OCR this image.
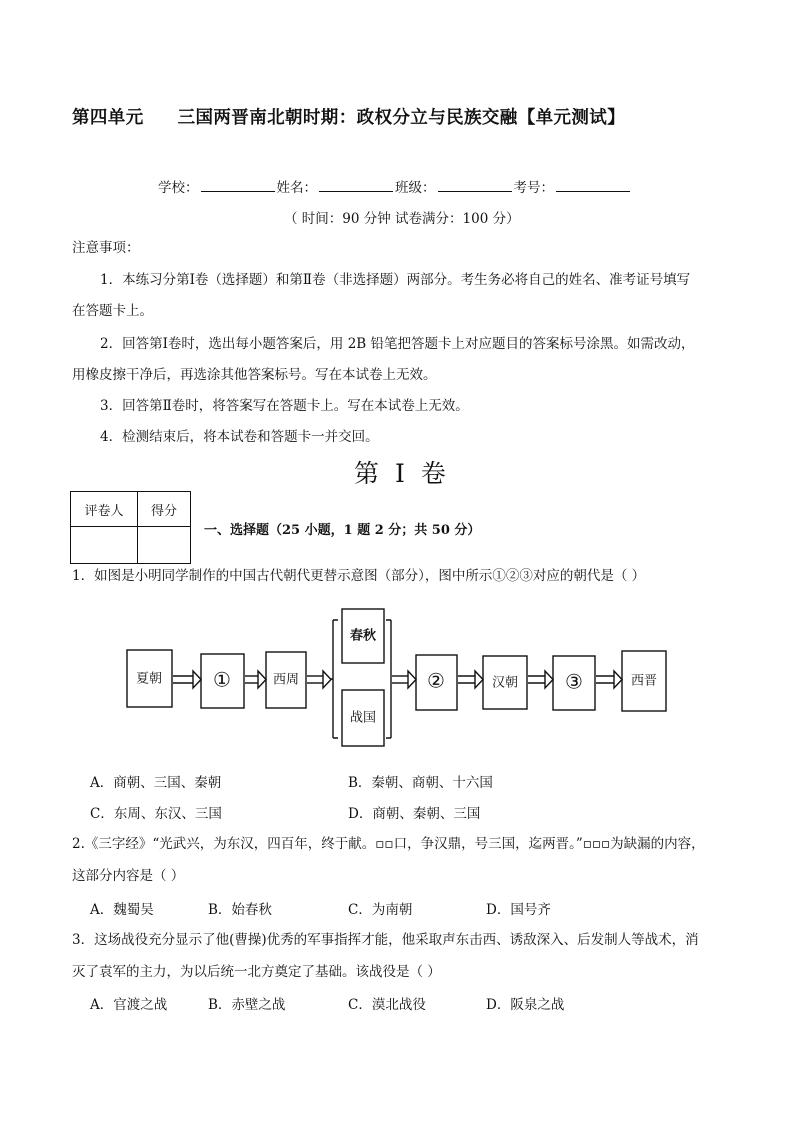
第四单元 三国两晋南北朝时期：政权分立与民族交融【单元测试】
学校：	姓名：	班级：	考号：
（ 时间：90 分钟 试卷满分：100 分）
注意事项：
1．本练习分第Ⅰ卷（选择题）和第Ⅱ卷（非选择题）两部分。考生务必将自己的姓名、准考证号填写
在答题卡上。
2．回答第Ⅰ卷时，选出每小题答案后，用 2B 铅笔把答题卡上对应题目的答案标号涂黑。如需改动，
用橡皮擦干净后，再选涂其他答案标号。写在本试卷上无效。
3．回答第Ⅱ卷时，将答案写在答题卡上。写在本试卷上无效。
4．检测结束后，将本试卷和答题卡一并交回。
第 I 卷
评卷人	得分

一、选择题（25 小题，1 题 2 分；共 50 分）
1．如图是小明同学制作的中国古代朝代更替示意图（部分），图中所示①②③对应的朝代是（ ）
夏朝	①	西周
春秋
战国
②	汉朝 ③	西晋
A．商朝、三国、秦朝	B．秦朝、商朝、十六国
C．东周、东汉、三国	D．商朝、秦朝、三国
2.《三字经》“光武兴，为东汉，四百年，终于献。▫▫口，争汉鼎，号三国，迄两晋。”▫▫▫为缺漏的内容，
这部分内容是（ ）
A．魏蜀吴	B．始春秋	C．为南朝	D．国号齐
3．这场战役充分显示了他(曹操)优秀的军事指挥才能，他采取声东击西、诱敌深入、后发制人等战术，消
灭了袁军的主力，为以后统一北方奠定了基础。该战役是（ ）
A．官渡之战	B．赤壁之战	C．漠北战役	D．阪泉之战
